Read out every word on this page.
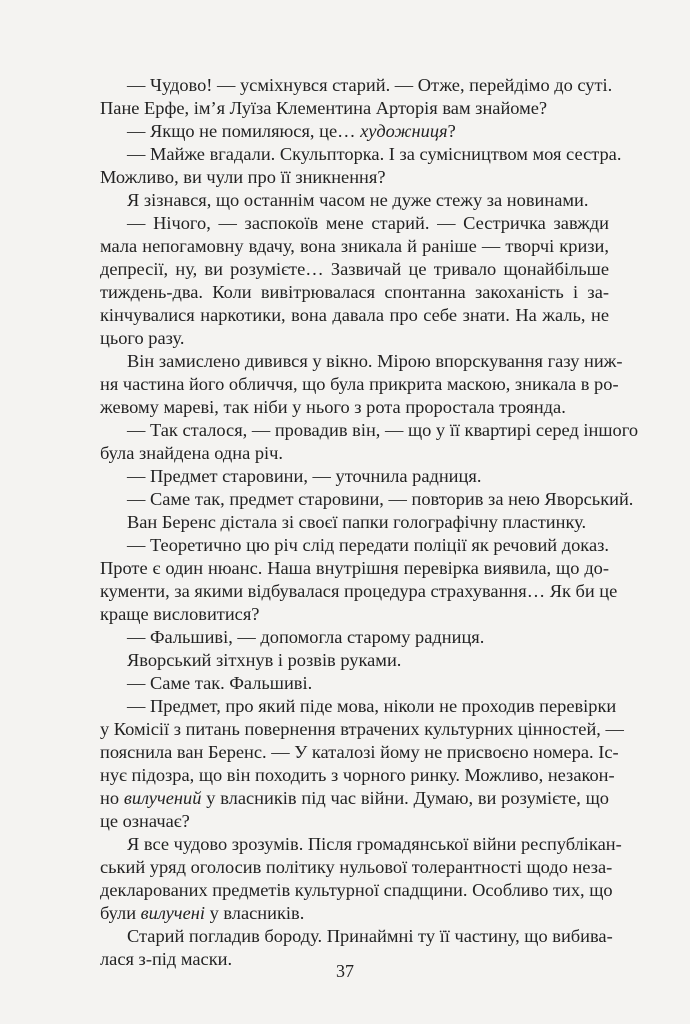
— Чудово! — усміхнувся старий. — Отже, перейдімо до суті.
Пане Ерфе, ім’я Луїза Клементина Арторія вам знайоме?
— Якщо не помиляюся, це… художниця?
— Майже вгадали. Скульпторка. І за сумісництвом моя сестра.
Можливо, ви чули про її зникнення?
Я зізнався, що останнім часом не дуже стежу за новинами.
— Нічого, — заспокоїв мене старий. — Сестричка завжди
мала непогамовну вдачу, вона зникала й раніше — творчі кризи,
депресії, ну, ви розумієте… Зазвичай це тривало щонайбільше
тиждень-два. Коли вивітрювалася спонтанна закоханість і за-
кінчувалися наркотики, вона давала про себе знати. На жаль, не
цього разу.
Він замислено дивився у вікно. Мірою впорскування газу ниж-
ня частина його обличчя, що була прикрита маскою, зникала в ро-
жевому мареві, так ніби у нього з рота проростала троянда.
— Так сталося, — провадив він, — що у її квартирі серед іншого
була знайдена одна річ.
— Предмет старовини, — уточнила радниця.
— Саме так, предмет старовини, — повторив за нею Яворський.
Ван Беренс дістала зі своєї папки голографічну пластинку.
— Теоретично цю річ слід передати поліції як речовий доказ.
Проте є один нюанс. Наша внутрішня перевірка виявила, що до-
кументи, за якими відбувалася процедура страхування… Як би це
краще висловитися?
— Фальшиві, — допомогла старому радниця.
Яворський зітхнув і розвів руками.
— Саме так. Фальшиві.
— Предмет, про який піде мова, ніколи не проходив перевірки
у Комісії з питань повернення втрачених культурних цінностей, —
пояснила ван Беренс. — У каталозі йому не присвоєно номера. Іс-
нує підозра, що він походить з чорного ринку. Можливо, незакон-
но вилучений у власників під час війни. Думаю, ви розумієте, що
це означає?
Я все чудово зрозумів. Після громадянської війни республікан-
ський уряд оголосив політику нульової толерантності щодо неза-
декларованих предметів культурної спадщини. Особливо тих, що
були вилучені у власників.
Старий погладив бороду. Принаймні ту її частину, що вибива-
лася з-під маски.
37
